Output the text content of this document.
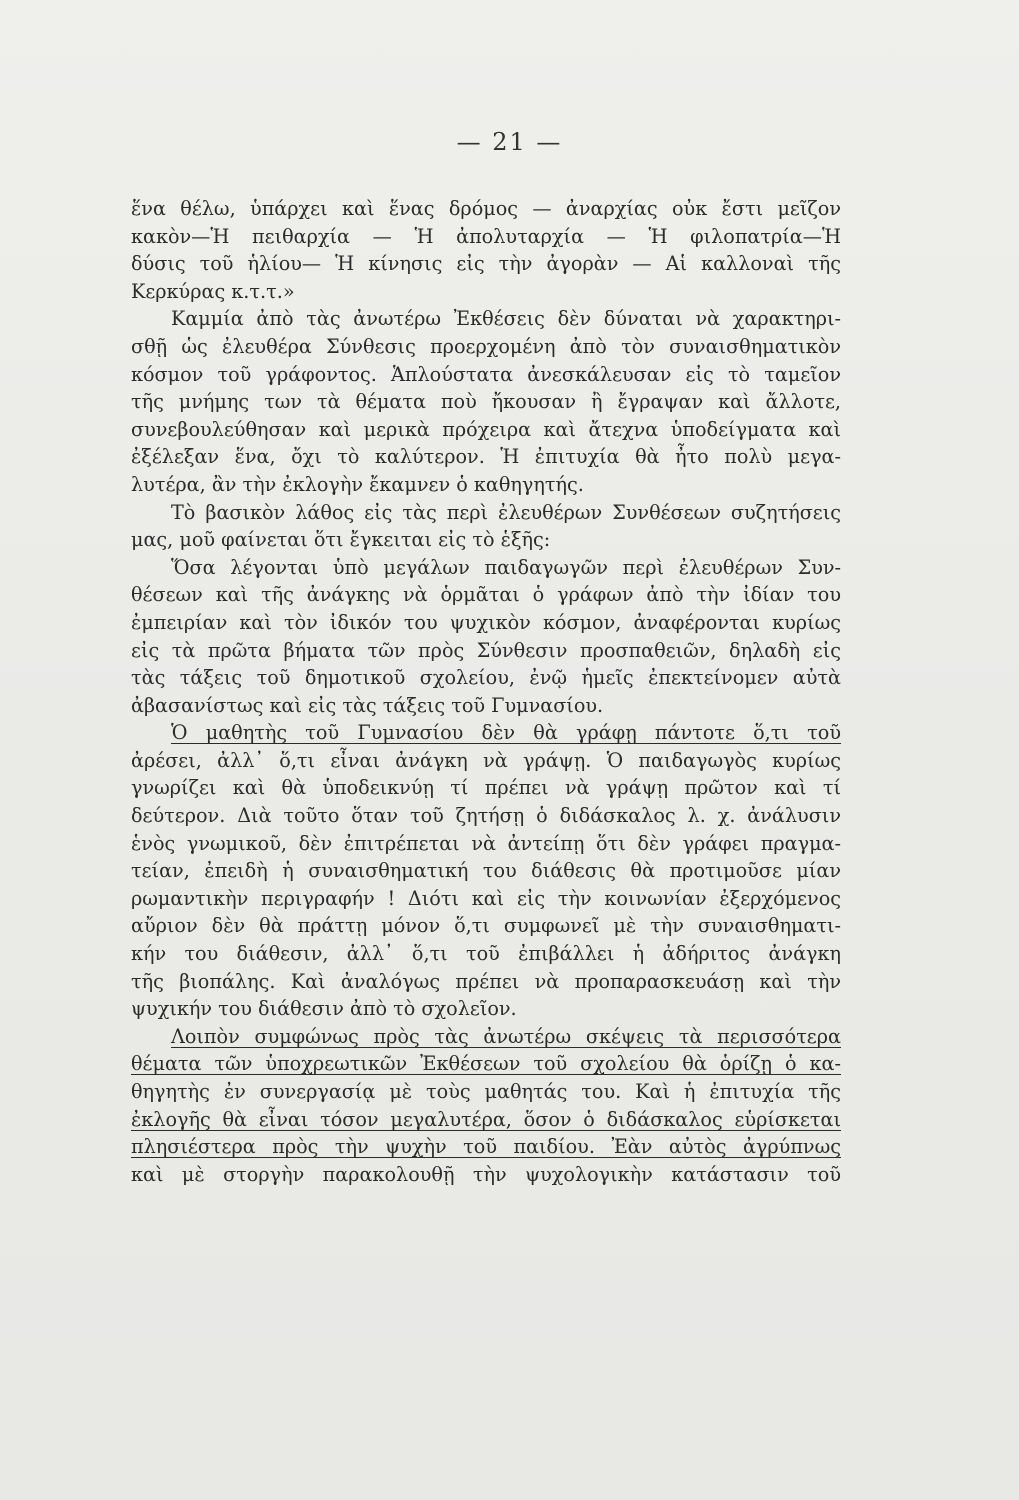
— 21 —
ἕνα θέλω, ὑπάρχει καὶ ἕνας δρόμος — ἀναρχίας οὐκ ἔστι μεῖζον
κακὸν—Ἡ πειθαρχία — Ἡ ἀπολυταρχία — Ἡ φιλοπατρία—Ἡ
δύσις τοῦ ἡλίου— Ἡ κίνησις εἰς τὴν ἀγορὰν — Αἱ καλλοναὶ τῆς
Κερκύρας κ.τ.τ.»
Καμμία ἀπὸ τὰς ἀνωτέρω Ἐκθέσεις δὲν δύναται νὰ χαρακτηρι-
σθῇ ὡς ἐλευθέρα Σύνθεσις προερχομένη ἀπὸ τὸν συναισθηματικὸν
κόσμον τοῦ γράφοντος. Ἁπλούστατα ἀνεσκάλευσαν εἰς τὸ ταμεῖον
τῆς μνήμης των τὰ θέματα ποὺ ἤκουσαν ἢ ἔγραψαν καὶ ἄλλοτε,
συνεβουλεύθησαν καὶ μερικὰ πρόχειρα καὶ ἄτεχνα ὑποδείγματα καὶ
ἐξέλεξαν ἕνα, ὄχι τὸ καλύτερον. Ἡ ἐπιτυχία θὰ ἦτο πολὺ μεγα-
λυτέρα, ἂν τὴν ἐκλογὴν ἔκαμνεν ὁ καθηγητής.
Τὸ βασικὸν λάθος εἰς τὰς περὶ ἐλευθέρων Συνθέσεων συζητήσεις
μας, μοῦ φαίνεται ὅτι ἔγκειται εἰς τὸ ἑξῆς:
Ὅσα λέγονται ὑπὸ μεγάλων παιδαγωγῶν περὶ ἐλευθέρων Συν-
θέσεων καὶ τῆς ἀνάγκης νὰ ὁρμᾶται ὁ γράφων ἀπὸ τὴν ἰδίαν του
ἐμπειρίαν καὶ τὸν ἰδικόν του ψυχικὸν κόσμον, ἀναφέρονται κυρίως
εἰς τὰ πρῶτα βήματα τῶν πρὸς Σύνθεσιν προσπαθειῶν, δηλαδὴ εἰς
τὰς τάξεις τοῦ δημοτικοῦ σχολείου, ἐνῷ ἡμεῖς ἐπεκτείνομεν αὐτὰ
ἀβασανίστως καὶ εἰς τὰς τάξεις τοῦ Γυμνασίου.
Ὁ μαθητὴς τοῦ Γυμνασίου δὲν θὰ γράφῃ πάντοτε ὅ,τι τοῦ
ἀρέσει, ἀλλ᾿ ὅ,τι εἶναι ἀνάγκη νὰ γράψῃ. Ὁ παιδαγωγὸς κυρίως
γνωρίζει καὶ θὰ ὑποδεικνύῃ τί πρέπει νὰ γράψῃ πρῶτον καὶ τί
δεύτερον. Διὰ τοῦτο ὅταν τοῦ ζητήσῃ ὁ διδάσκαλος λ. χ. ἀνάλυσιν
ἑνὸς γνωμικοῦ, δὲν ἐπιτρέπεται νὰ ἀντείπῃ ὅτι δὲν γράφει πραγμα-
τείαν, ἐπειδὴ ἡ συναισθηματική του διάθεσις θὰ προτιμοῦσε μίαν
ρωμαντικὴν περιγραφήν ! Διότι καὶ εἰς τὴν κοινωνίαν ἐξερχόμενος
αὔριον δὲν θὰ πράττῃ μόνον ὅ,τι συμφωνεῖ μὲ τὴν συναισθηματι-
κήν του διάθεσιν, ἀλλ᾿ ὅ,τι τοῦ ἐπιβάλλει ἡ ἀδήριτος ἀνάγκη
τῆς βιοπάλης. Καὶ ἀναλόγως πρέπει νὰ προπαρασκευάσῃ καὶ τὴν
ψυχικήν του διάθεσιν ἀπὸ τὸ σχολεῖον.
Λοιπὸν συμφώνως πρὸς τὰς ἀνωτέρω σκέψεις τὰ περισσότερα
θέματα τῶν ὑποχρεωτικῶν Ἐκθέσεων τοῦ σχολείου θὰ ὁρίζῃ ὁ κα-
θηγητὴς ἐν συνεργασίᾳ μὲ τοὺς μαθητάς του. Καὶ ἡ ἐπιτυχία τῆς
ἐκλογῆς θὰ εἶναι τόσον μεγαλυτέρα, ὅσον ὁ διδάσκαλος εὑρίσκεται
πλησιέστερα πρὸς τὴν ψυχὴν τοῦ παιδίου. Ἐὰν αὐτὸς ἀγρύπνως
καὶ μὲ στοργὴν παρακολουθῇ τὴν ψυχολογικὴν κατάστασιν τοῦ
